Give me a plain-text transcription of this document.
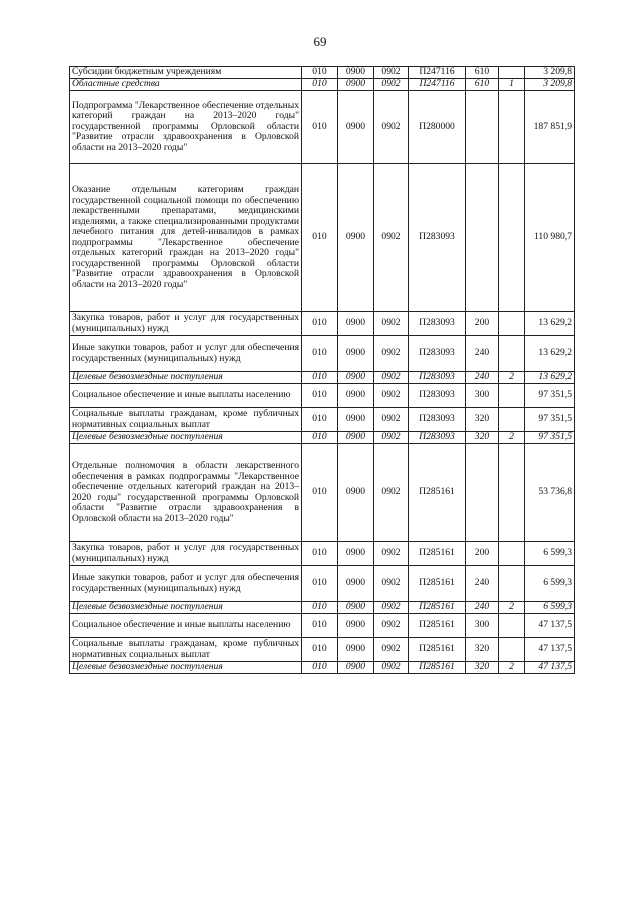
69
Субсидии бюджетным учреждениям	010	0900	0902	П247116	610		3 209,8
Областные средства	010	0900	0902	П247116	610	1	3 209,8
Подпрограмма "Лекарственное обеспечение отдельных категорий граждан на 2013–2020 годы" государственной программы Орловской области "Развитие отрасли здравоохранения в Орловской области на 2013–2020 годы"	010	0900	0902	П280000			187 851,9
Оказание отдельным категориям граждан государственной социальной помощи по обеспечению лекарственными препаратами, медицинскими изделиями, а также специализированными продуктами лечебного питания для детей-инвалидов в рамках подпрограммы "Лекарственное обеспечение отдельных категорий граждан на 2013–2020 годы" государственной программы Орловской области "Развитие отрасли здравоохранения в Орловской области на 2013–2020 годы"	010	0900	0902	П283093			110 980,7
Закупка товаров, работ и услуг для государственных (муниципальных) нужд	010	0900	0902	П283093	200		13 629,2
Иные закупки товаров, работ и услуг для обеспечения государственных (муниципальных) нужд	010	0900	0902	П283093	240		13 629,2
Целевые безвозмездные поступления	010	0900	0902	П283093	240	2	13 629,2
Социальное обеспечение и иные выплаты населению	010	0900	0902	П283093	300		97 351,5
Социальные выплаты гражданам, кроме публичных нормативных социальных выплат	010	0900	0902	П283093	320		97 351,5
Целевые безвозмездные поступления	010	0900	0902	П283093	320	2	97 351,5
Отдельные полномочия в области лекарственного обеспечения в рамках подпрограммы "Лекарственное обеспечение отдельных категорий граждан на 2013–2020 годы" государственной программы Орловской области "Развитие отрасли здравоохранения в Орловской области на 2013–2020 годы"	010	0900	0902	П285161			53 736,8
Закупка товаров, работ и услуг для государственных (муниципальных) нужд	010	0900	0902	П285161	200		6 599,3
Иные закупки товаров, работ и услуг для обеспечения государственных (муниципальных) нужд	010	0900	0902	П285161	240		6 599,3
Целевые безвозмездные поступления	010	0900	0902	П285161	240	2	6 599,3
Социальное обеспечение и иные выплаты населению	010	0900	0902	П285161	300		47 137,5
Социальные выплаты гражданам, кроме публичных нормативных социальных выплат	010	0900	0902	П285161	320		47 137,5
Целевые безвозмездные поступления	010	0900	0902	П285161	320	2	47 137,5
